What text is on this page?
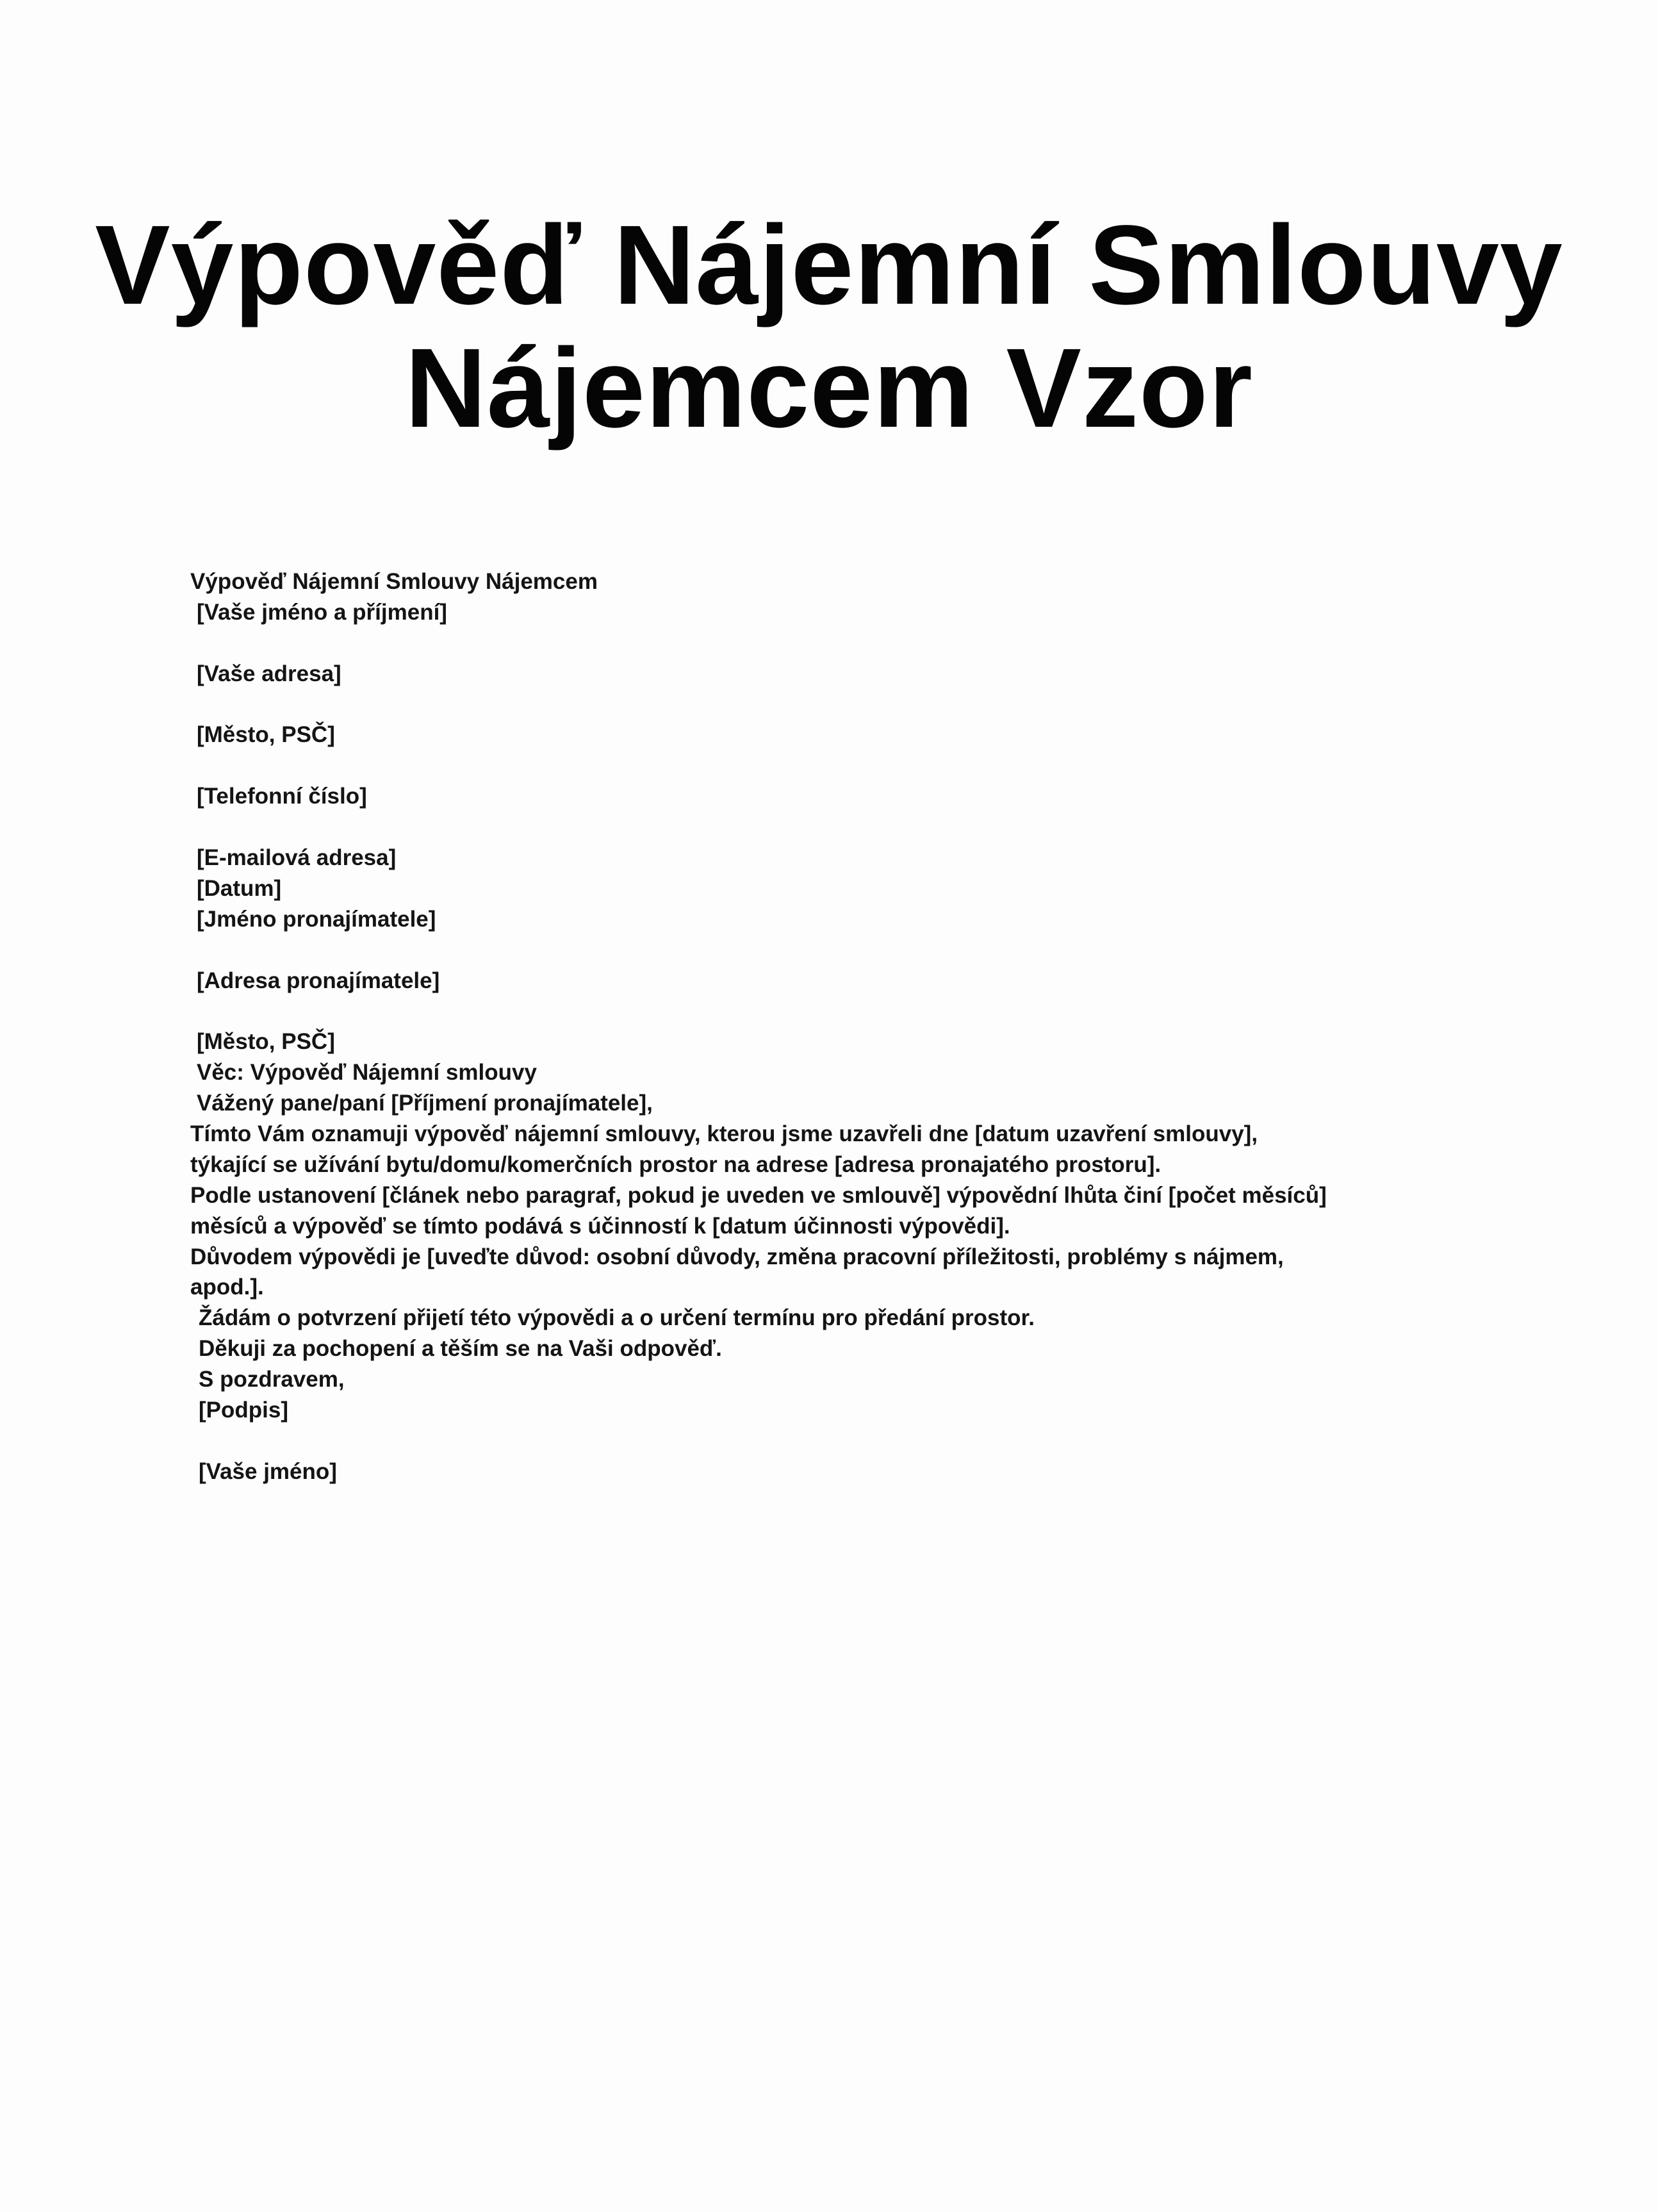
Výpověď Nájemní Smlouvy
Nájemcem Vzor
Výpověď Nájemní Smlouvy Nájemcem
[Vaše jméno a příjmení]
[Vaše adresa]
[Město, PSČ]
[Telefonní číslo]
[E-mailová adresa]
[Datum]
[Jméno pronajímatele]
[Adresa pronajímatele]
[Město, PSČ]
Věc: Výpověď Nájemní smlouvy
Vážený pane/paní [Příjmení pronajímatele],
Tímto Vám oznamuji výpověď nájemní smlouvy, kterou jsme uzavřeli dne [datum uzavření smlouvy],
týkající se užívání bytu/domu/komerčních prostor na adrese [adresa pronajatého prostoru].
Podle ustanovení [článek nebo paragraf, pokud je uveden ve smlouvě] výpovědní lhůta činí [počet měsíců]
měsíců a výpověď se tímto podává s účinností k [datum účinnosti výpovědi].
Důvodem výpovědi je [uveďte důvod: osobní důvody, změna pracovní příležitosti, problémy s nájmem,
apod.].
Žádám o potvrzení přijetí této výpovědi a o určení termínu pro předání prostor.
Děkuji za pochopení a těším se na Vaši odpověď.
S pozdravem,
[Podpis]
[Vaše jméno]
